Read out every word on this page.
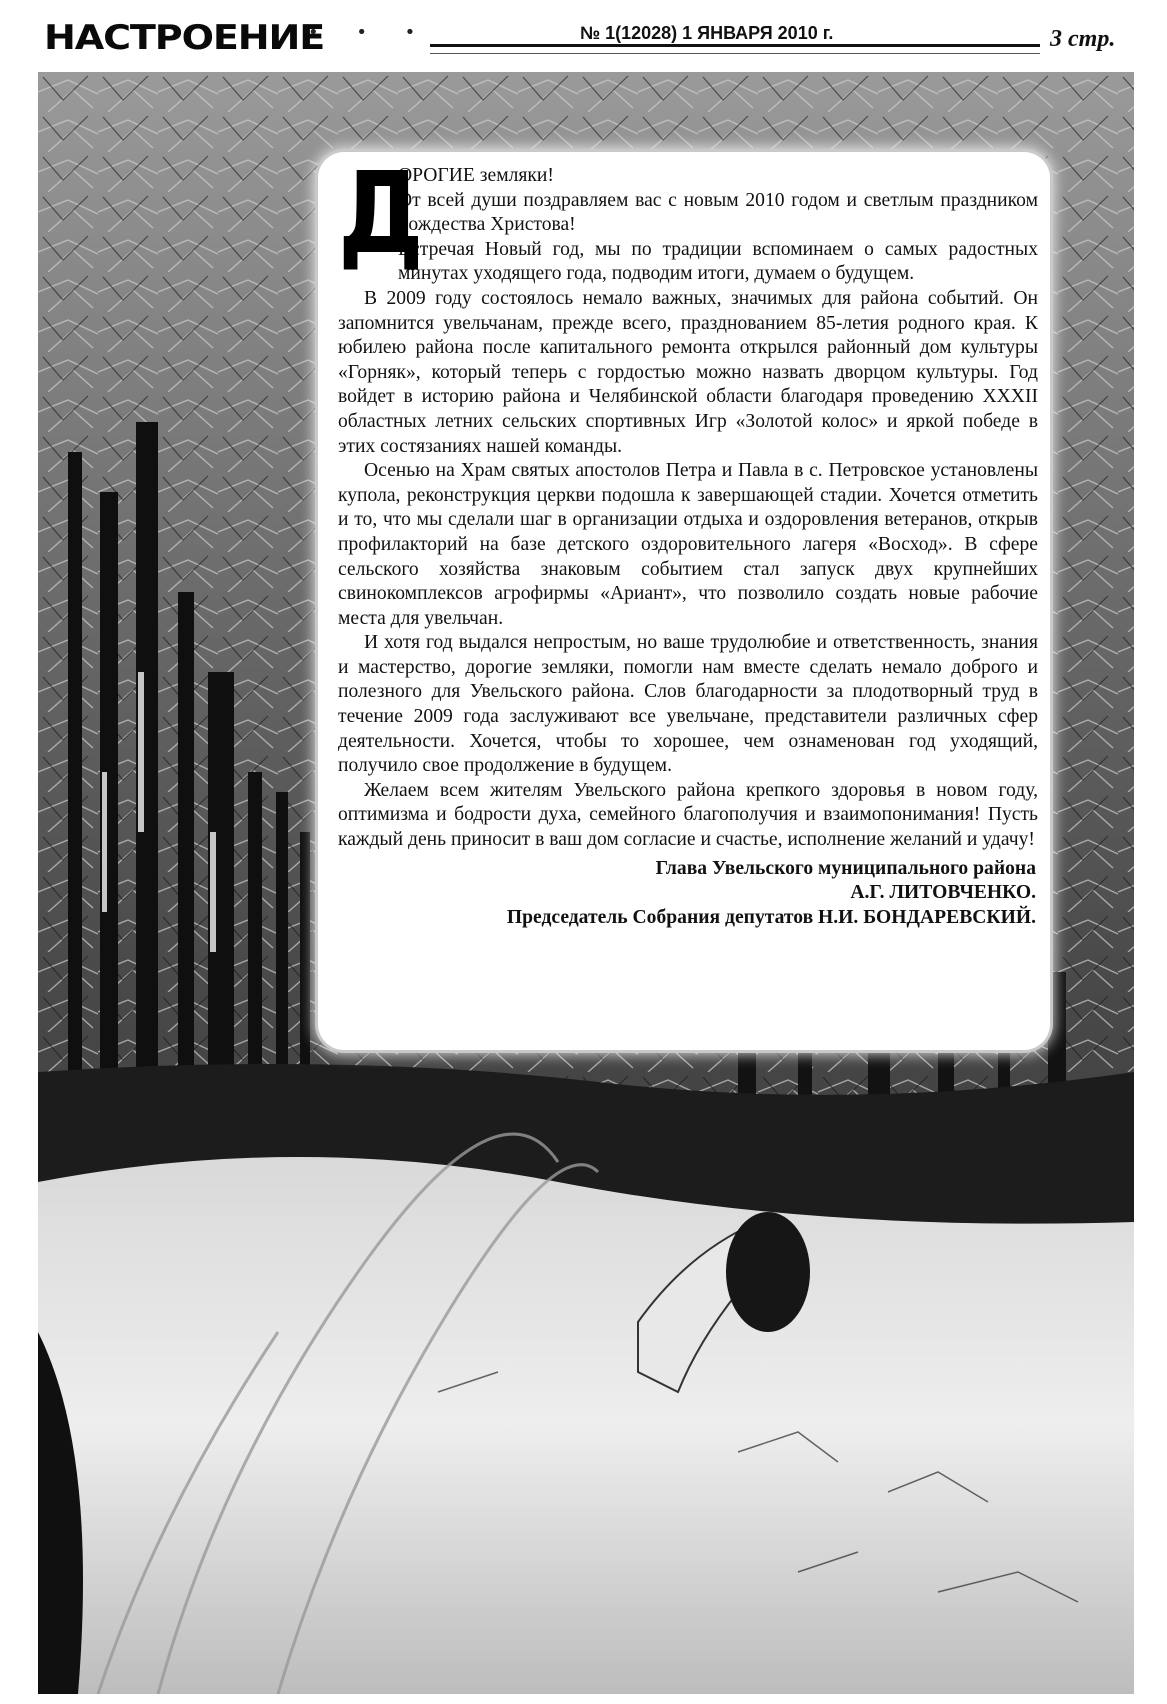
НАСТРОЕНИЕ
• • •	№ 1(12028) 1 ЯНВАРЯ 2010 г.	3 стр.
Д

ОРОГИЕ земляки!

От всей души поздравляем вас с новым 2010 годом и светлым праздником Рождества Христова!

Встречая Новый год, мы по традиции вспоминаем о самых радостных минутах уходящего года, подводим итоги, думаем о будущем.

В 2009 году состоялось немало важных, значимых для района событий. Он запомнится увельчанам, прежде всего, празднованием 85-летия родного края. К юбилею района после капитального ремонта открылся районный дом культуры «Горняк», который теперь с гордостью можно назвать дворцом культуры. Год войдет в историю района и Челябинской области благодаря проведению XXXII областных летних сельских спортивных Игр «Золотой колос» и яркой победе в этих состязаниях нашей команды.

Осенью на Храм святых апостолов Петра и Павла в с. Петровское установлены купола, реконструкция церкви подошла к завершающей стадии. Хочется отметить и то, что мы сделали шаг в организации отдыха и оздоровления ветеранов, открыв профилакторий на базе детского оздоровительного лагеря «Восход». В сфере сельского хозяйства знаковым событием стал запуск двух крупнейших свинокомплексов агрофирмы «Ариант», что позволило создать новые рабочие места для увельчан.

И хотя год выдался непростым, но ваше трудолюбие и ответственность, знания и мастерство, дорогие земляки, помогли нам вместе сделать немало доброго и полезного для Увельского района. Слов благодарности за плодотворный труд в течение 2009 года заслуживают все увельчане, представители различных сфер деятельности. Хочется, чтобы то хорошее, чем ознаменован год уходящий, получило свое продолжение в будущем.

Желаем всем жителям Увельского района крепкого здоровья в новом году, оптимизма и бодрости духа, семейного благополучия и взаимопонимания! Пусть каждый день приносит в ваш дом согласие и счастье, исполнение желаний и удачу!

Глава Увельского муниципального района
А.Г. ЛИТОВЧЕНКО.
Председатель Собрания депутатов Н.И. БОНДАРЕВСКИЙ.
